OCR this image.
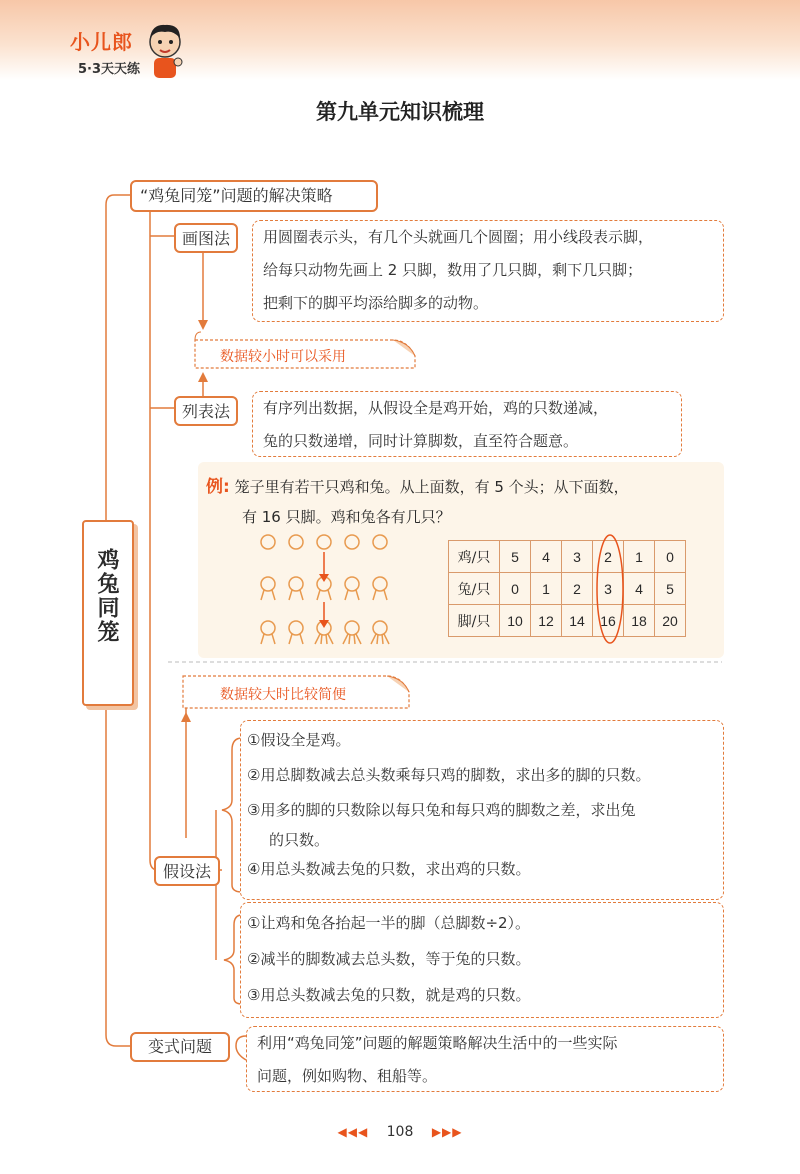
小儿郎
5·3天天练
第九单元知识梳理
鸡兔同笼
“鸡兔同笼”问题的解决策略
画图法	用圆圈表示头，有几个头就画几个圆圈；用小线段表示脚，
给每只动物先画上 2 只脚，数用了几只脚，剩下几只脚；
把剩下的脚平均添给脚多的动物。
数据较小时可以采用
列表法	有序列出数据，从假设全是鸡开始，鸡的只数递减，
兔的只数递增，同时计算脚数，直至符合题意。
例: 笼子里有若干只鸡和兔。从上面数，有 5 个头；从下面数，
有 16 只脚。鸡和兔各有几只？
鸡/只	5	4	3	2	1	0
兔/只	0	1	2	3	4	5
脚/只	10	12	14	16	18	20
数据较大时比较简便
假设法
①假设全是鸡。
②用总脚数减去总头数乘每只鸡的脚数，求出多的脚的只数。
③用多的脚的只数除以每只兔和每只鸡的脚数之差，求出兔
的只数。
④用总头数减去兔的只数，求出鸡的只数。
①让鸡和兔各抬起一半的脚（总脚数÷2）。
②减半的脚数减去总头数，等于兔的只数。
③用总头数减去兔的只数，就是鸡的只数。
变式问题	利用“鸡兔同笼”问题的解题策略解决生活中的一些实际
问题，例如购物、租船等。
◀◀◀ 108 ▶▶▶
